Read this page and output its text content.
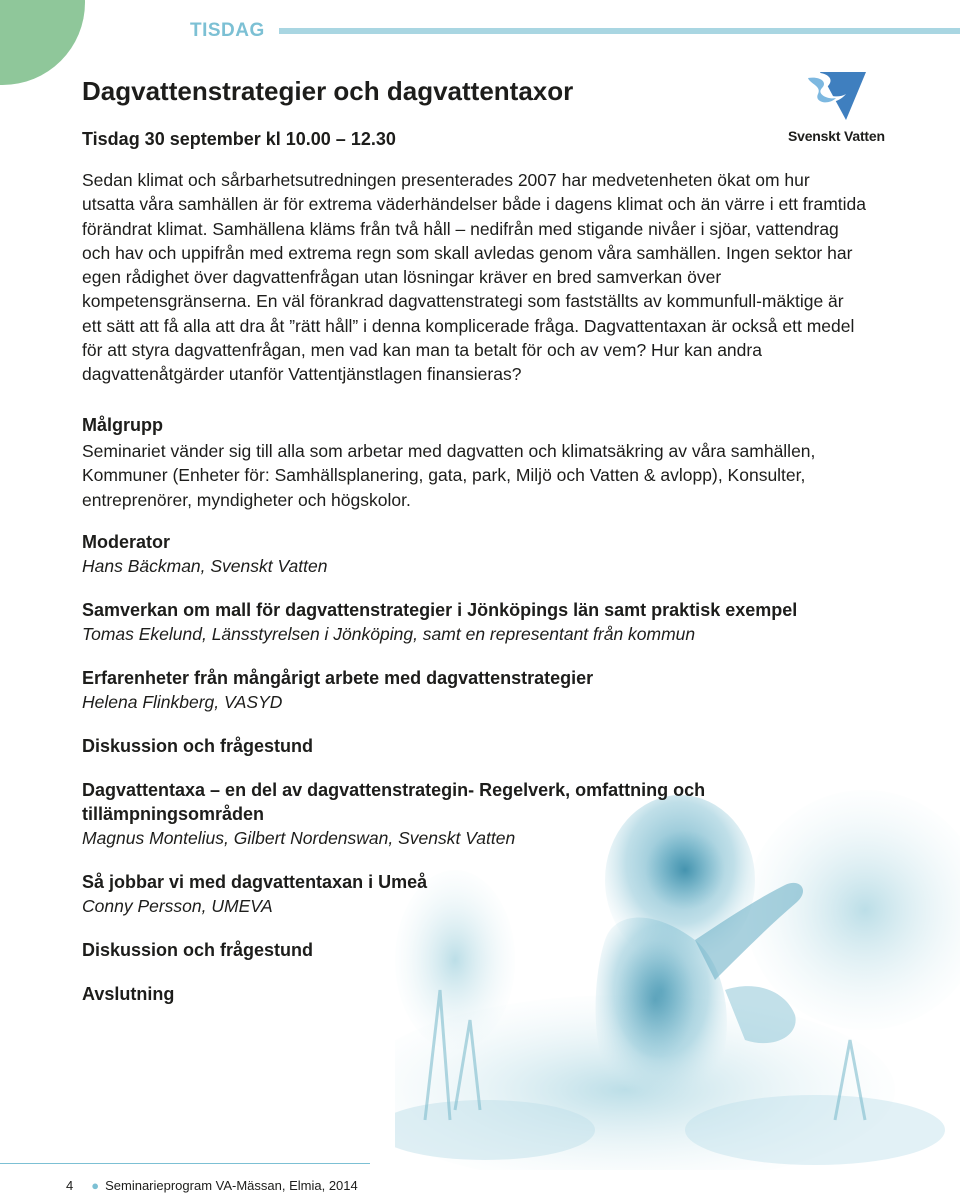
TISDAG
Svenskt Vatten
Dagvattenstrategier och dagvattentaxor
Tisdag 30 september kl 10.00 – 12.30

Sedan klimat och sårbarhetsutredningen presenterades 2007 har medvetenheten ökat om hur utsatta våra samhällen är för extrema väderhändelser både i dagens klimat och än värre i ett framtida förändrat klimat. Samhällena kläms från två håll – nedifrån med stigande nivåer i sjöar, vattendrag och hav och uppifrån med extrema regn som skall avledas genom våra samhällen. Ingen sektor har egen rådighet över dagvattenfrågan utan lösningar kräver en bred samverkan över kompetensgränserna. En väl förankrad dagvattenstrategi som fastställts av kommunfull-mäktige är ett sätt att få alla att dra åt ”rätt håll” i denna komplicerade fråga. Dagvattentaxan är också ett medel för att styra dagvattenfrågan, men vad kan man ta betalt för och av vem? Hur kan andra dagvattenåtgärder utanför Vattentjänstlagen finansieras?

Målgrupp
Seminariet vänder sig till alla som arbetar med dagvatten och klimatsäkring av våra samhällen, Kommuner (Enheter för: Samhällsplanering, gata, park, Miljö och Vatten & avlopp), Konsulter, entreprenörer, myndigheter och högskolor.
Moderator
Hans Bäckman, Svenskt Vatten
Samverkan om mall för dagvattenstrategier i Jönköpings län samt praktisk exempel
Tomas Ekelund, Länsstyrelsen i Jönköping, samt en representant från kommun
Erfarenheter från mångårigt arbete med dagvattenstrategier
Helena Flinkberg, VASYD
Diskussion och frågestund
Dagvattentaxa – en del av dagvattenstrategin- Regelverk, omfattning och tillämpningsområden
Magnus Montelius, Gilbert Nordenswan, Svenskt Vatten
Så jobbar vi med dagvattentaxan i Umeå
Conny Persson, UMEVA
Diskussion och frågestund
Avslutning
4 ● Seminarieprogram VA-Mässan, Elmia, 2014
